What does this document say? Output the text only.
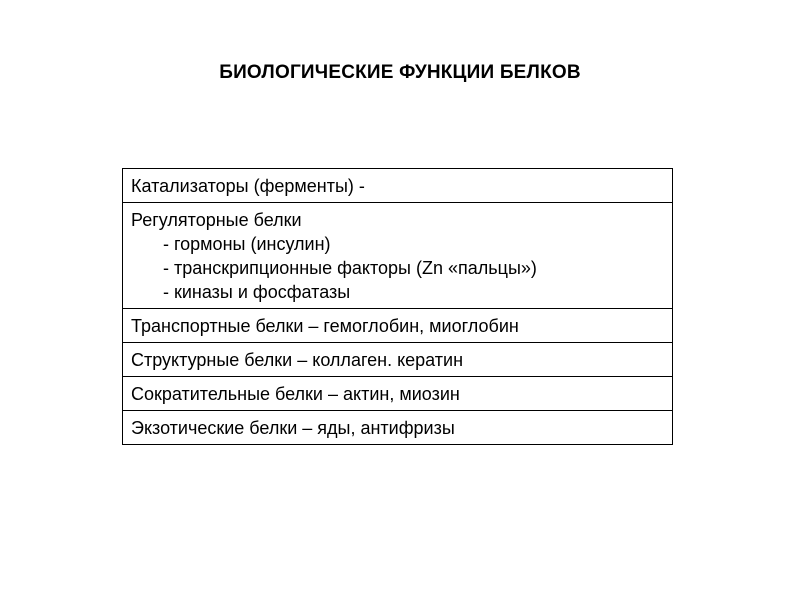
БИОЛОГИЧЕСКИЕ ФУНКЦИИ БЕЛКОВ
Катализаторы (ферменты) -

Регуляторные белки
- гормоны (инсулин)
- транскрипционные факторы (Zn «пальцы»)
- киназы и фосфатазы

Транспортные белки – гемоглобин, миоглобин

Структурные белки – коллаген. кератин

Сократительные белки – актин, миозин

Экзотические белки – яды, антифризы
